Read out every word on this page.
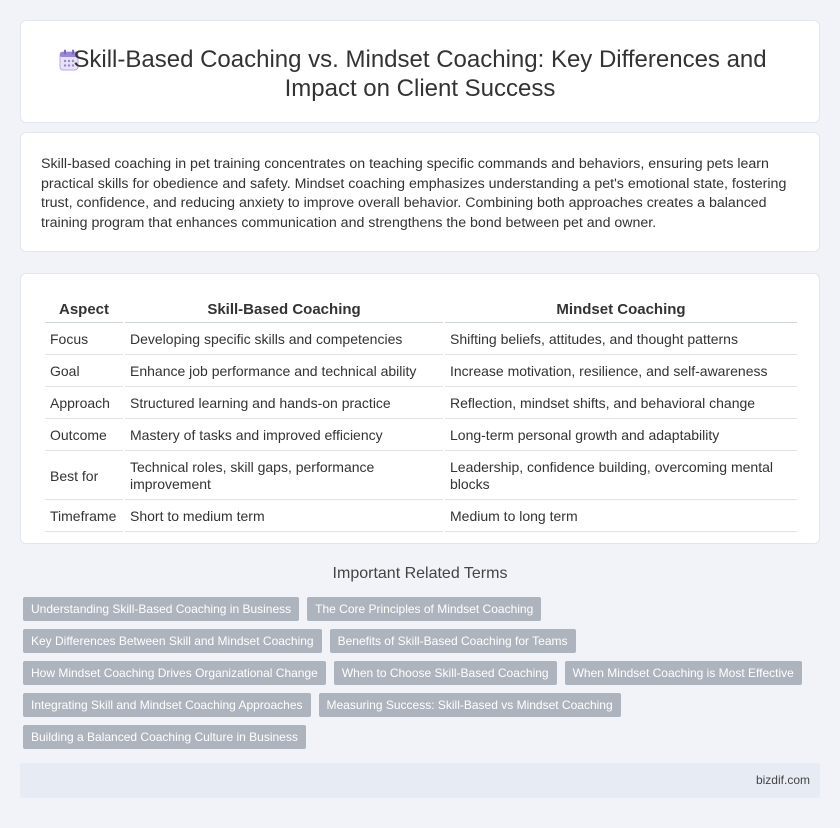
Skill-Based Coaching vs. Mindset Coaching: Key Differences and
Impact on Client Success

Skill-based coaching in pet training concentrates on teaching specific commands and behaviors, ensuring pets learn practical skills for obedience and safety. Mindset coaching emphasizes understanding a pet's emotional state, fostering trust, confidence, and reducing anxiety to improve overall behavior. Combining both approaches creates a balanced training program that enhances communication and strengthens the bond between pet and owner.

Aspect	Skill-Based Coaching	Mindset Coaching
Focus	Developing specific skills and competencies	Shifting beliefs, attitudes, and thought patterns
Goal	Enhance job performance and technical ability	Increase motivation, resilience, and self-awareness
Approach	Structured learning and hands-on practice	Reflection, mindset shifts, and behavioral change
Outcome	Mastery of tasks and improved efficiency	Long-term personal growth and adaptability
Best for	Technical roles, skill gaps, performance improvement	Leadership, confidence building, overcoming mental blocks
Timeframe	Short to medium term	Medium to long term
Important Related Terms
Understanding Skill-Based Coaching in Business	The Core Principles of Mindset Coaching
Key Differences Between Skill and Mindset Coaching	Benefits of Skill-Based Coaching for Teams
How Mindset Coaching Drives Organizational Change	When to Choose Skill-Based Coaching	When Mindset Coaching is Most Effective
Integrating Skill and Mindset Coaching Approaches	Measuring Success: Skill-Based vs Mindset Coaching
Building a Balanced Coaching Culture in Business
bizdif.com
